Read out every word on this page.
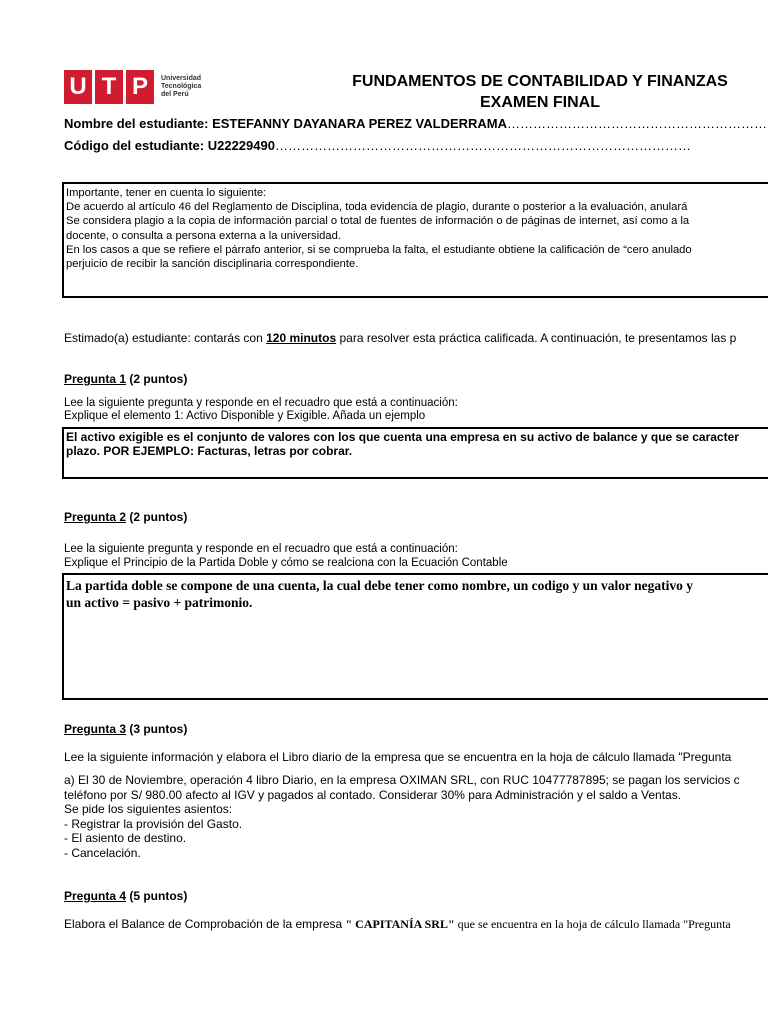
U T P	Universidad
Tecnológica
del Perú
FUNDAMENTOS DE CONTABILIDAD Y FINANZAS
EXAMEN FINAL
Nombre del estudiante: ESTEFANNY DAYANARA PEREZ VALDERRAMA……………………………………………………
Código del estudiante: U22229490……………………………………………………………………………………
Importante, tener en cuenta lo siguiente:
De acuerdo al artículo 46 del Reglamento de Disciplina, toda evidencia de plagio, durante o posterior a la evaluación, anulará
Se considera plagio a la copia de información parcial o total de fuentes de información o de páginas de internet, así como a la
docente, o consulta a persona externa a la universidad.
En los casos a que se refiere el párrafo anterior, si se comprueba la falta, el estudiante obtiene la calificación de “cero anulado
perjuicio de recibir la sanción disciplinaria correspondiente.
Estimado(a) estudiante: contarás con 120 minutos para resolver esta práctica calificada. A continuación, te presentamos las p
Pregunta 1 (2 puntos)
Lee la siguiente pregunta y responde en el recuadro que está a continuación:
Explique el elemento 1: Activo Disponible y Exigible. Añada un ejemplo
El activo exigible es el conjunto de valores con los que cuenta una empresa en su activo de balance y que se caracter
plazo. POR EJEMPLO: Facturas, letras por cobrar.
Pregunta 2 (2 puntos)
Lee la siguiente pregunta y responde en el recuadro que está a continuación:
Explique el Principio de la Partida Doble y cómo se realciona con la Ecuación Contable
La partida doble se compone de una cuenta, la cual debe tener como nombre, un codigo y un valor negativo y
un activo = pasivo + patrimonio.
Pregunta 3 (3 puntos)
Lee la siguiente información y elabora el Libro diario de la empresa que se encuentra en la hoja de cálculo llamada "Pregunta
a) El 30 de Noviembre, operación 4 libro Diario, en la empresa OXIMAN SRL, con RUC 10477787895; se pagan los servicios c
teléfono por S/ 980.00 afecto al IGV y pagados al contado. Considerar 30% para Administración y el saldo a Ventas.
Se pide los siguientes asientos:
- Registrar la provisión del Gasto.
- El asiento de destino.
- Cancelación.
Pregunta 4 (5 puntos)
Elabora el Balance de Comprobación de la empresa " CAPITANÍA SRL" que se encuentra en la hoja de cálculo llamada "Pregunta
